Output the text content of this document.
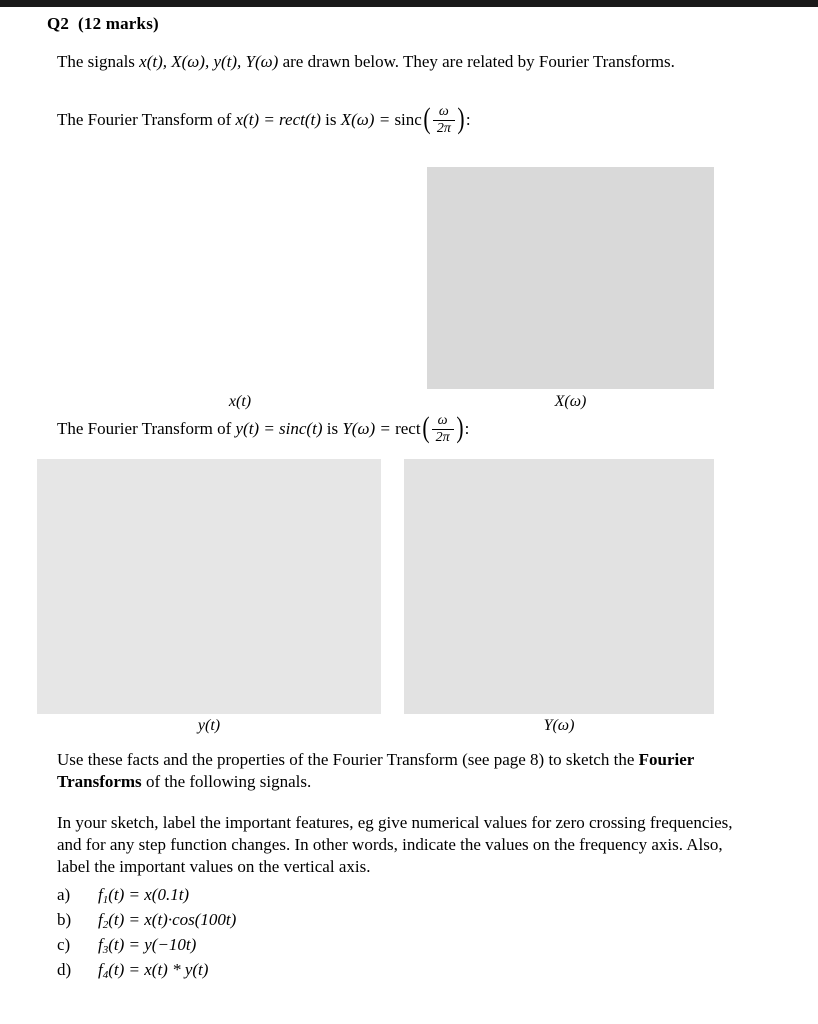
Q2 (12 marks)
The signals x(t), X(ω), y(t), Y(ω) are drawn below. They are related by Fourier Transforms.
The Fourier Transform of x(t) = rect(t) is $X(\omega) = \sin c( \frac{\omega}{2\pi}$ ):
x(t)	X(ω)
The Fourier Transform of y(t) = sinc(t) is Y(ω) = rect( $\frac{\omega}{2\pi}$ ):
y(t)	Y(ω)
Use these facts and the properties of the Fourier Transform (see page 8) to sketch the Fourier Transforms of the following signals.
In your sketch, label the important features, eg give numerical values for zero crossing frequencies, and for any step function changes. In other words, indicate the values on the frequency axis. Also, label the important values on the vertical axis.
a)	$f_1(t) = x(0.1t)$
b)	$f_2(t) = x(t)\cdot\cos(100t)$
c)	$f_3(t) = y(-10t)$
d)	$f_4(t) = x(t) * y(t)$
